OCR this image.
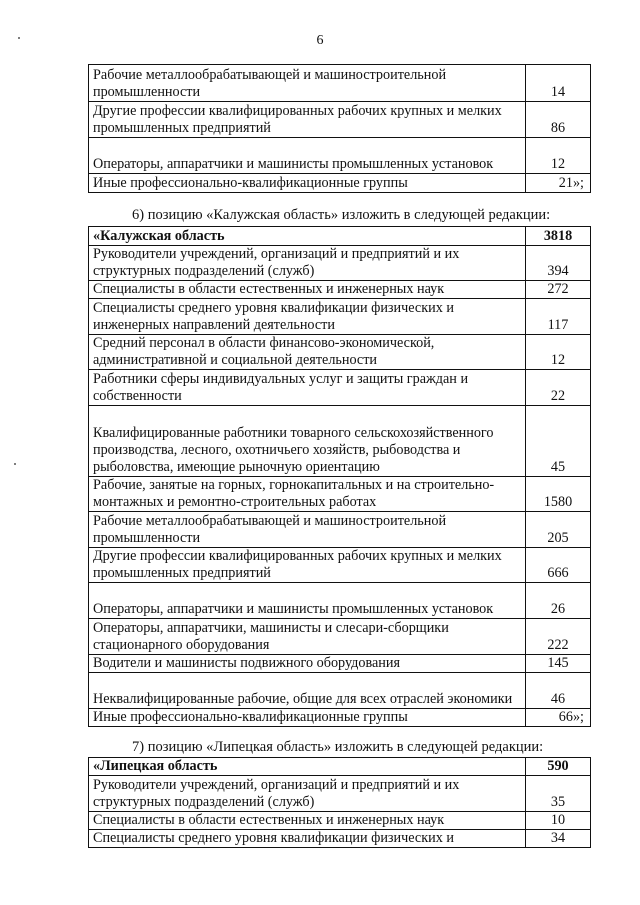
6
Рабочие металлообрабатывающей и машиностроительной промышленности	14

Другие профессии квалифицированных рабочих крупных и мелких промышленных предприятий	86

Операторы, аппаратчики и машинисты промышленных установок	12
Иные профессионально-квалификационные группы	21»;
6) позицию «Калужская область» изложить в следующей редакции:
«Калужская область	3818
Руководители учреждений, организаций и предприятий и их структурных подразделений (служб)	394
Специалисты в области естественных и инженерных наук	272
Специалисты среднего уровня квалификации физических и инженерных направлений деятельности	117
Средний персонал в области финансово-экономической, административной и социальной деятельности	12
Работники сферы индивидуальных услуг и защиты граждан и собственности	22
Квалифицированные работники товарного сельскохозяйственного производства, лесного, охотничьего хозяйств, рыбоводства и рыболовства, имеющие рыночную ориентацию	45
Рабочие, занятые на горных, горнокапитальных и на строительно-монтажных и ремонтно-строительных работах	1580
Рабочие металлообрабатывающей и машиностроительной промышленности	205
Другие профессии квалифицированных рабочих крупных и мелких промышленных предприятий	666
Операторы, аппаратчики и машинисты промышленных установок	26
Операторы, аппаратчики, машинисты и слесари-сборщики стационарного оборудования	222
Водители и машинисты подвижного оборудования	145
Неквалифицированные рабочие, общие для всех отраслей экономики	46
Иные профессионально-квалификационные группы	66»;
7) позицию «Липецкая область» изложить в следующей редакции:
«Липецкая область	590
Руководители учреждений, организаций и предприятий и их структурных подразделений (служб)	35
Специалисты в области естественных и инженерных наук	10
Специалисты среднего уровня квалификации физических и	34
